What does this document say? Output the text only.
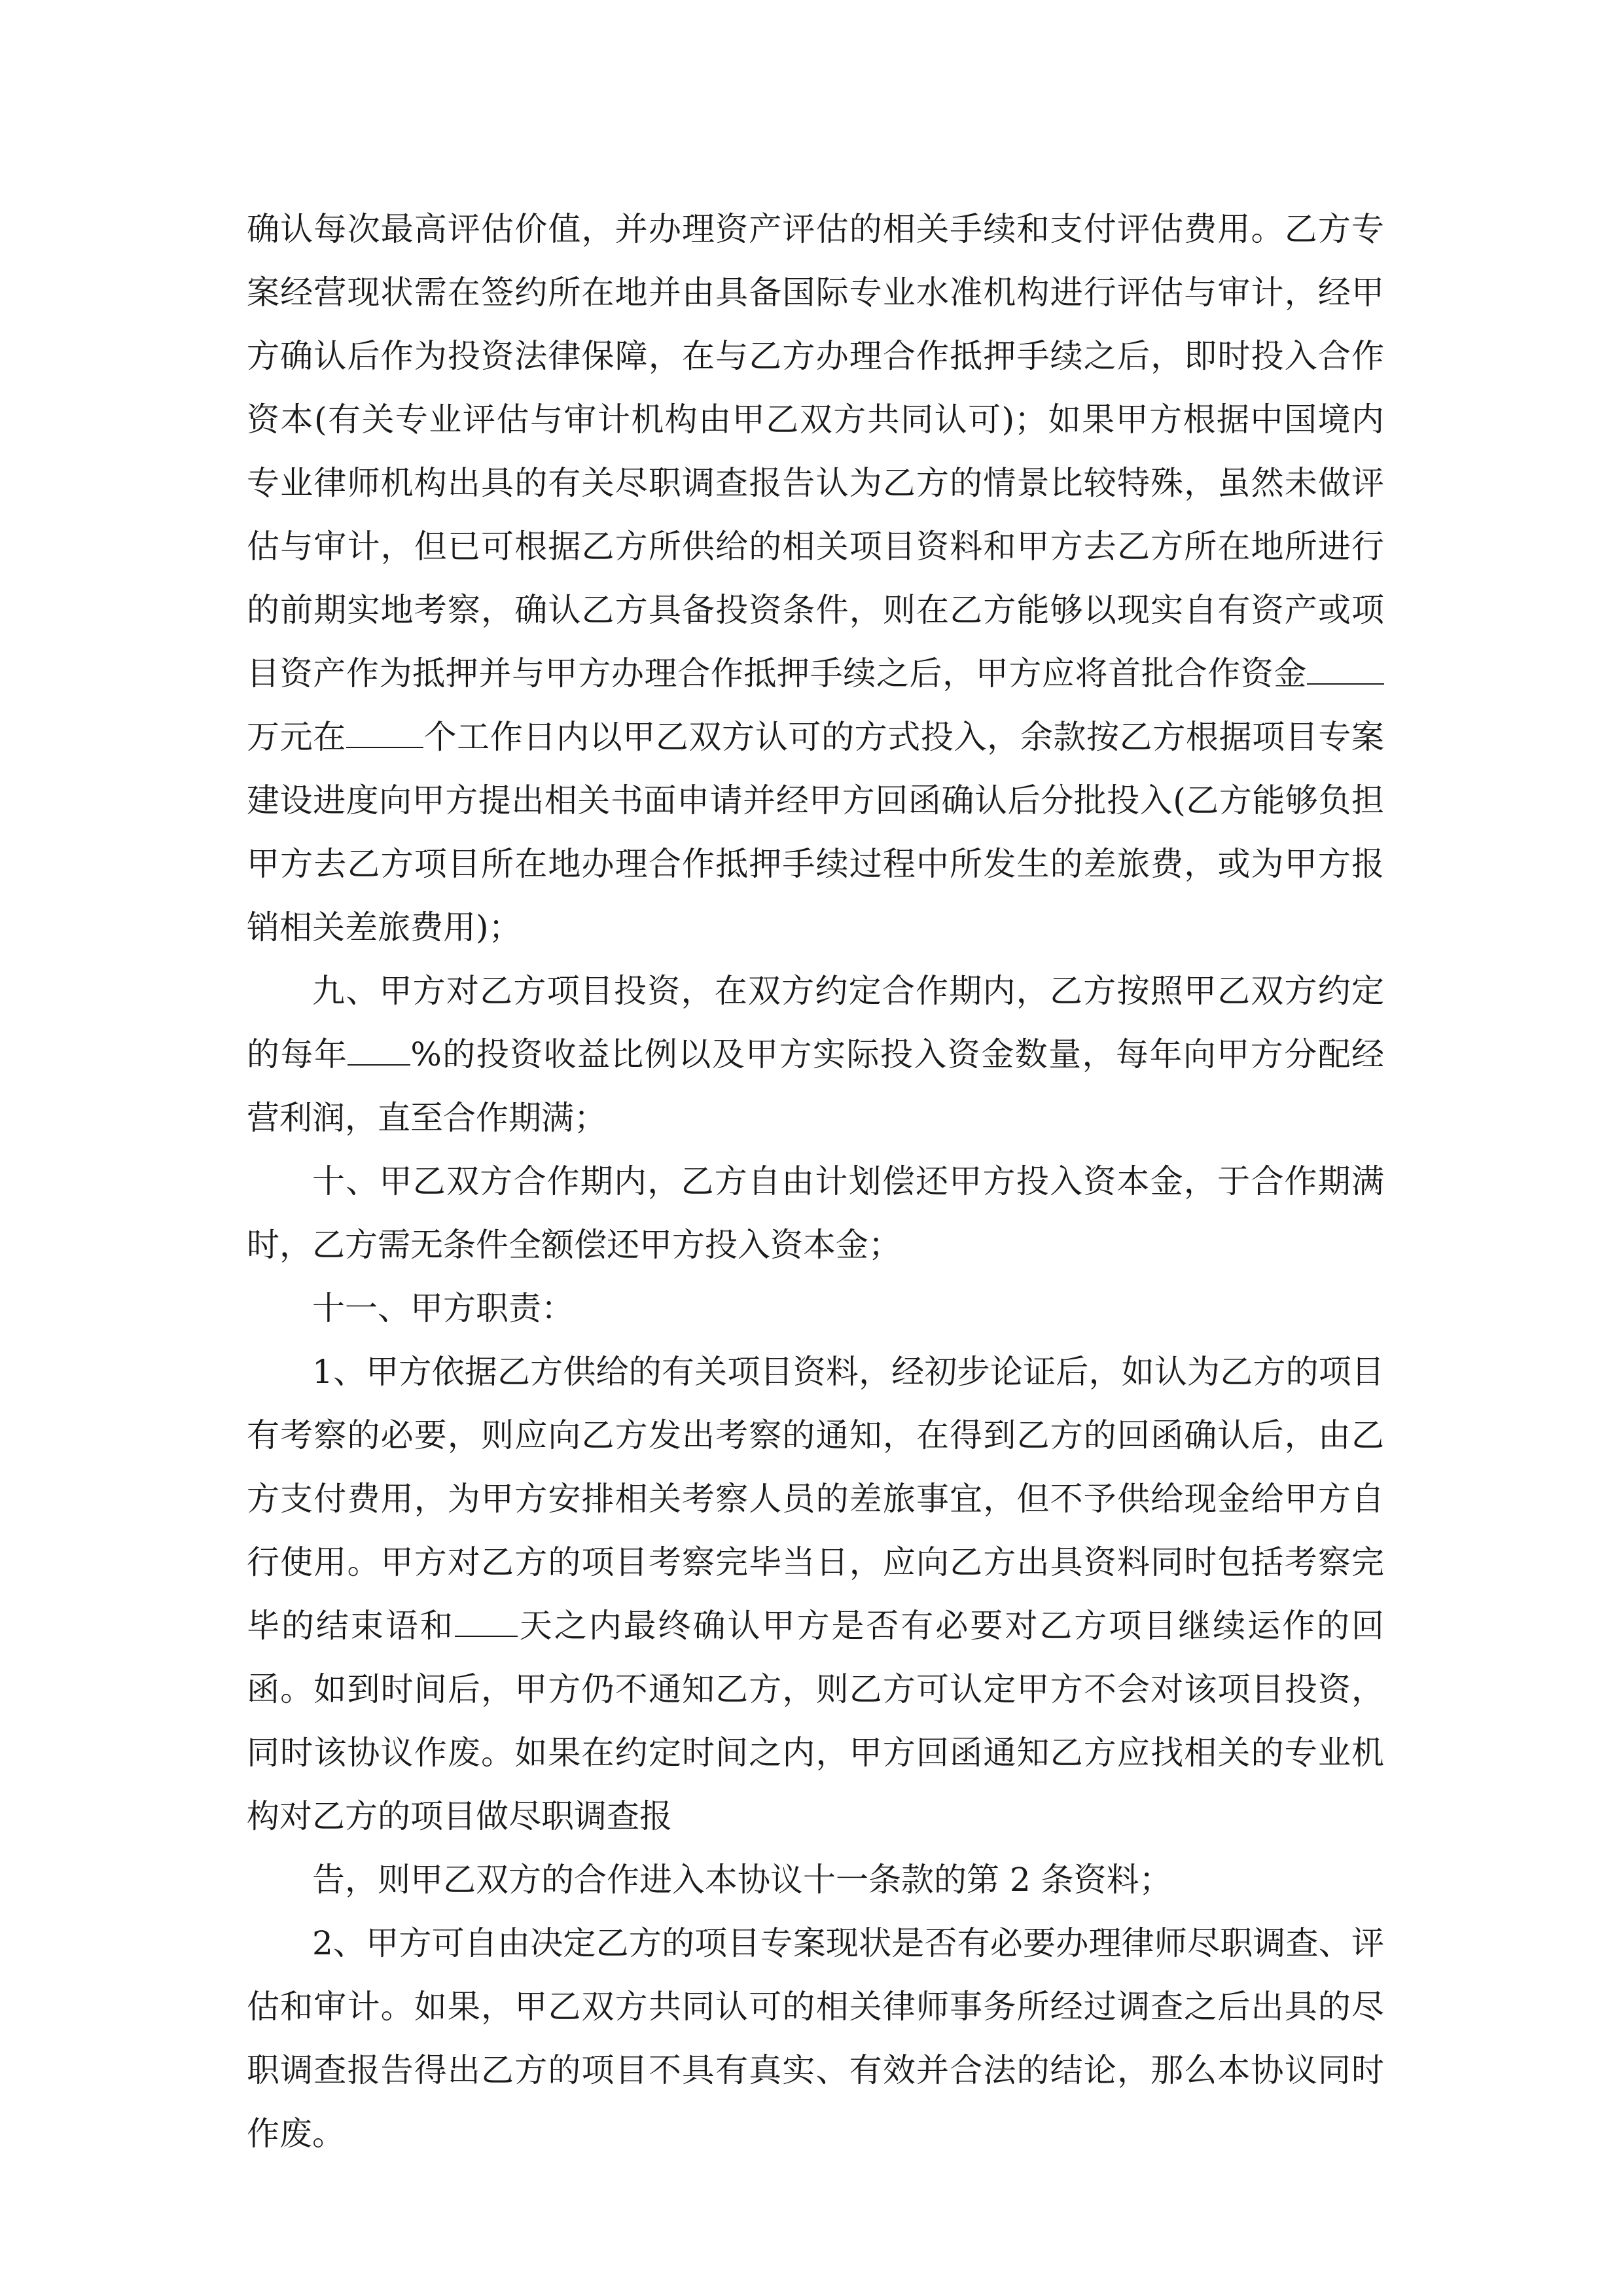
确认每次最高评估价值，并办理资产评估的相关手续和支付评估费用。乙方专案经营现状需在签约所在地并由具备国际专业水准机构进行评估与审计，经甲方确认后作为投资法律保障，在与乙方办理合作抵押手续之后，即时投入合作资本(有关专业评估与审计机构由甲乙双方共同认可)；如果甲方根据中国境内专业律师机构出具的有关尽职调查报告认为乙方的情景比较特殊，虽然未做评估与审计，但已可根据乙方所供给的相关项目资料和甲方去乙方所在地所进行的前期实地考察，确认乙方具备投资条件，则在乙方能够以现实自有资产或项目资产作为抵押并与甲方办理合作抵押手续之后，甲方应将首批合作资金万元在 个工作日内以甲乙双方认可的方式投入，余款按乙方根据项目专案建设进度向甲方提出相关书面申请并经甲方回函确认后分批投入(乙方能够负担甲方去乙方项目所在地办理合作抵押手续过程中所发生的差旅费，或为甲方报销相关差旅费用)；

九、甲方对乙方项目投资，在双方约定合作期内，乙方按照甲乙双方约定的每年 %的投资收益比例以及甲方实际投入资金数量，每年向甲方分配经营利润，直至合作期满；

十、甲乙双方合作期内，乙方自由计划偿还甲方投入资本金，于合作期满时，乙方需无条件全额偿还甲方投入资本金；

十一、甲方职责：

1、甲方依据乙方供给的有关项目资料，经初步论证后，如认为乙方的项目有考察的必要，则应向乙方发出考察的通知，在得到乙方的回函确认后，由乙方支付费用，为甲方安排相关考察人员的差旅事宜，但不予供给现金给甲方自行使用。甲方对乙方的项目考察完毕当日，应向乙方出具资料同时包括考察完毕的结束语和 天之内最终确认甲方是否有必要对乙方项目继续运作的回函。如到时间后，甲方仍不通知乙方，则乙方可认定甲方不会对该项目投资，同时该协议作废。如果在约定时间之内，甲方回函通知乙方应找相关的专业机构对乙方的项目做尽职调查报

告，则甲乙双方的合作进入本协议十一条款的第 2 条资料；

2、甲方可自由决定乙方的项目专案现状是否有必要办理律师尽职调查、评估和审计。如果，甲乙双方共同认可的相关律师事务所经过调查之后出具的尽职调查报告得出乙方的项目不具有真实、有效并合法的结论，那么本协议同时作废。
